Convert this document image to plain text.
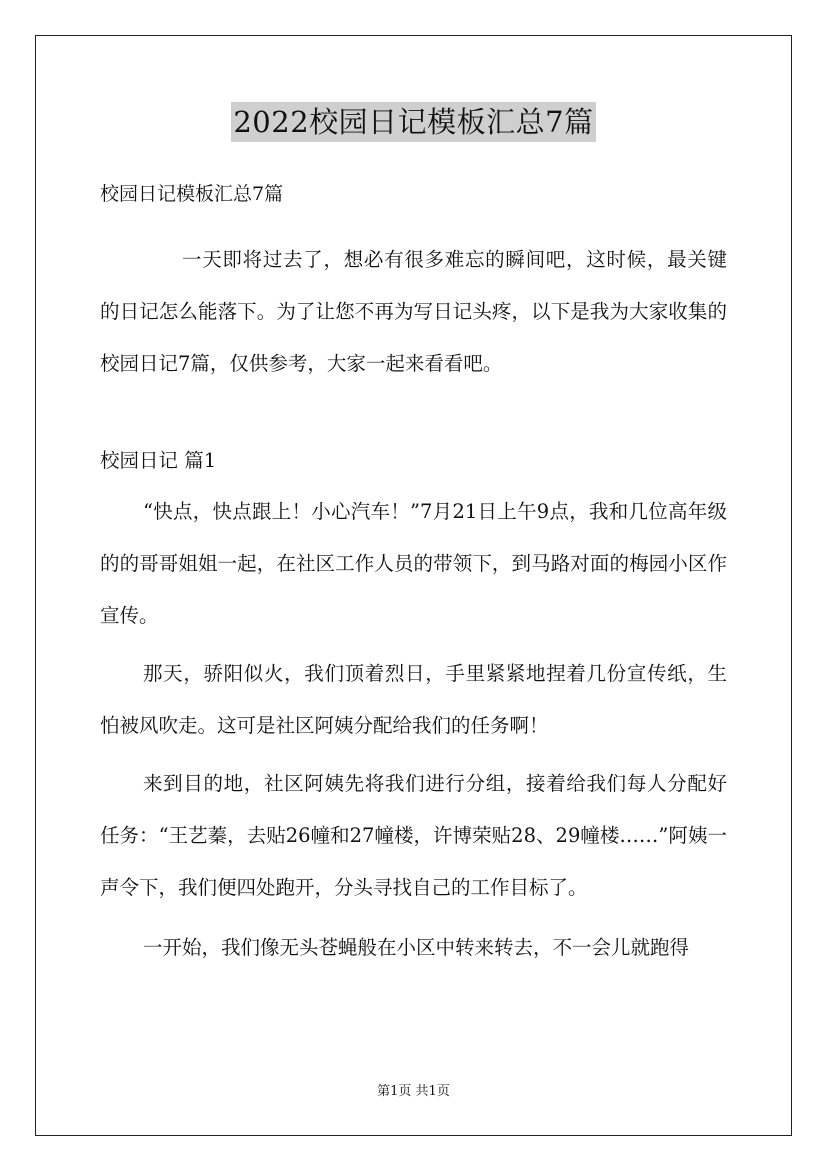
2022校园日记模板汇总7篇

校园日记模板汇总7篇

一天即将过去了，想必有很多难忘的瞬间吧，这时候，最关键的日记怎么能落下。为了让您不再为写日记头疼，以下是我为大家收集的校园日记7篇，仅供参考，大家一起来看看吧。

校园日记 篇1

“快点，快点跟上！小心汽车！”7月21日上午9点，我和几位高年级的的哥哥姐姐一起，在社区工作人员的带领下，到马路对面的梅园小区作宣传。

那天，骄阳似火，我们顶着烈日，手里紧紧地捏着几份宣传纸，生怕被风吹走。这可是社区阿姨分配给我们的任务啊！

来到目的地，社区阿姨先将我们进行分组，接着给我们每人分配好任务：“王艺蓁，去贴26幢和27幢楼，许博荣贴28、29幢楼……”阿姨一声令下，我们便四处跑开，分头寻找自己的工作目标了。

一开始，我们像无头苍蝇般在小区中转来转去，不一会儿就跑得

第1页 共1页
